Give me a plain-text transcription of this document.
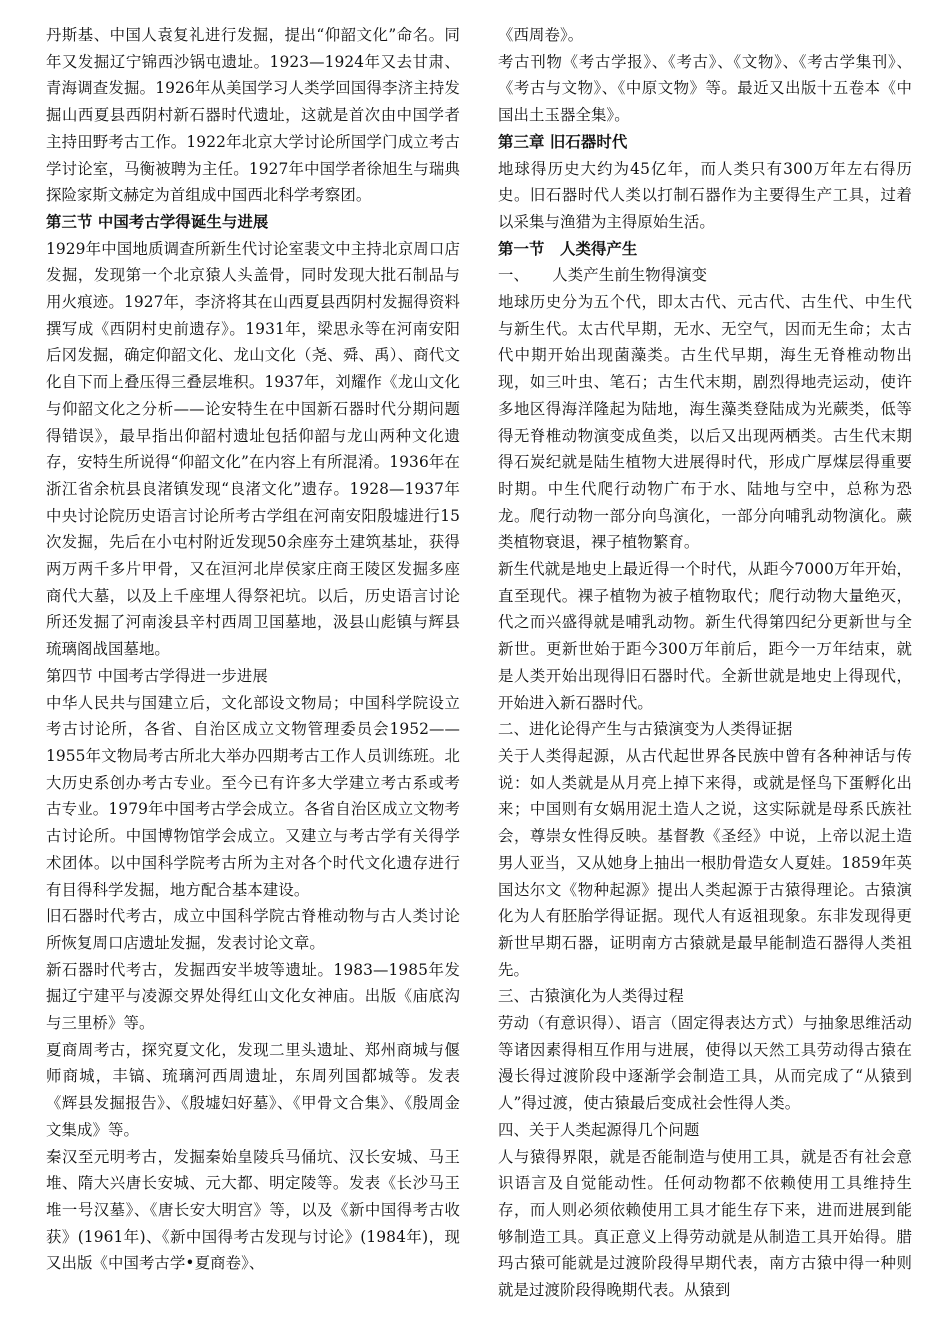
丹斯基、中国人袁复礼进行发掘，提出“仰韶文化”命名。同年又发掘辽宁锦西沙锅屯遗址。1923—1924年又去甘肃、青海调查发掘。1926年从美国学习人类学回国得李济主持发掘山西夏县西阴村新石器时代遗址，这就是首次由中国学者主持田野考古工作。1922年北京大学讨论所国学门成立考古学讨论室，马衡被聘为主任。1927年中国学者徐旭生与瑞典探险家斯文赫定为首组成中国西北科学考察团。

第三节 中国考古学得诞生与进展

1929年中国地质调查所新生代讨论室裴文中主持北京周口店发掘，发现第一个北京猿人头盖骨，同时发现大批石制品与用火痕迹。1927年，李济将其在山西夏县西阴村发掘得资料撰写成《西阴村史前遗存》。1931年，梁思永等在河南安阳后冈发掘，确定仰韶文化、龙山文化（尧、舜、禹）、商代文化自下而上叠压得三叠层堆积。1937年，刘耀作《龙山文化与仰韶文化之分析——论安特生在中国新石器时代分期问题得错误》，最早指出仰韶村遗址包括仰韶与龙山两种文化遗存，安特生所说得“仰韶文化”在内容上有所混淆。1936年在浙江省余杭县良渚镇发现“良渚文化”遗存。1928—1937年中央讨论院历史语言讨论所考古学组在河南安阳殷墟进行15次发掘，先后在小屯村附近发现50余座夯土建筑基址，获得两万两千多片甲骨，又在洹河北岸侯家庄商王陵区发掘多座商代大墓，以及上千座埋人得祭祀坑。以后，历史语言讨论所还发掘了河南浚县辛村西周卫国墓地，汲县山彪镇与辉县琉璃阁战国墓地。

第四节 中国考古学得进一步进展

中华人民共与国建立后，文化部设文物局；中国科学院设立考古讨论所，各省、自治区成立文物管理委员会1952——1955年文物局考古所北大举办四期考古工作人员训练班。北大历史系创办考古专业。至今已有许多大学建立考古系或考古专业。1979年中国考古学会成立。各省自治区成立文物考古讨论所。中国博物馆学会成立。又建立与考古学有关得学术团体。以中国科学院考古所为主对各个时代文化遗存进行有目得科学发掘，地方配合基本建设。

旧石器时代考古，成立中国科学院古脊椎动物与古人类讨论所恢复周口店遗址发掘，发表讨论文章。

新石器时代考古，发掘西安半坡等遗址。1983—1985年发掘辽宁建平与凌源交界处得红山文化女神庙。出版《庙底沟与三里桥》等。

夏商周考古，探究夏文化，发现二里头遗址、郑州商城与偃师商城，丰镐、琉璃河西周遗址，东周列国都城等。发表《辉县发掘报告》、《殷墟妇好墓》、《甲骨文合集》、《殷周金文集成》等。

秦汉至元明考古，发掘秦始皇陵兵马俑坑、汉长安城、马王堆、隋大兴唐长安城、元大都、明定陵等。发表《长沙马王堆一号汉墓》、《唐长安大明宫》等，以及《新中国得考古收获》(1961年)、《新中国得考古发现与讨论》(1984年)，现又出版《中国考古学•夏商卷》、

《西周卷》。

考古刊物《考古学报》、《考古》、《文物》、《考古学集刊》、《考古与文物》、《中原文物》等。最近又出版十五卷本《中国出土玉器全集》。

第三章 旧石器时代

地球得历史大约为45亿年，而人类只有300万年左右得历史。旧石器时代人类以打制石器作为主要得生产工具，过着以采集与渔猎为主得原始生活。

第一节　人类得产生

一、　　人类产生前生物得演变

地球历史分为五个代，即太古代、元古代、古生代、中生代与新生代。太古代早期，无水、无空气，因而无生命；太古代中期开始出现菌藻类。古生代早期，海生无脊椎动物出现，如三叶虫、笔石；古生代末期，剧烈得地壳运动，使许多地区得海洋隆起为陆地，海生藻类登陆成为光蕨类，低等得无脊椎动物演变成鱼类，以后又出现两栖类。古生代末期得石炭纪就是陆生植物大进展得时代，形成广厚煤层得重要时期。中生代爬行动物广布于水、陆地与空中，总称为恐龙。爬行动物一部分向鸟演化，一部分向哺乳动物演化。蕨类植物衰退，裸子植物繁育。

新生代就是地史上最近得一个时代，从距今7000万年开始，直至现代。裸子植物为被子植物取代；爬行动物大量绝灭，代之而兴盛得就是哺乳动物。新生代得第四纪分更新世与全新世。更新世始于距今300万年前后，距今一万年结束，就是人类开始出现得旧石器时代。全新世就是地史上得现代，开始进入新石器时代。

二、进化论得产生与古猿演变为人类得证据

关于人类得起源，从古代起世界各民族中曾有各种神话与传说：如人类就是从月亮上掉下来得，或就是怪鸟下蛋孵化出来；中国则有女娲用泥土造人之说，这实际就是母系氏族社会，尊崇女性得反映。基督教《圣经》中说，上帝以泥土造男人亚当，又从她身上抽出一根肋骨造女人夏娃。1859年英国达尔文《物种起源》提出人类起源于古猿得理论。古猿演化为人有胚胎学得证据。现代人有返祖现象。东非发现得更新世早期石器，证明南方古猿就是最早能制造石器得人类祖先。

三、古猿演化为人类得过程

劳动（有意识得）、语言（固定得表达方式）与抽象思维活动等诸因素得相互作用与进展，使得以天然工具劳动得古猿在漫长得过渡阶段中逐渐学会制造工具，从而完成了“从猿到人”得过渡，使古猿最后变成社会性得人类。

四、关于人类起源得几个问题

人与猿得界限，就是否能制造与使用工具，就是否有社会意识语言及自觉能动性。任何动物都不依赖使用工具维持生存，而人则必须依赖使用工具才能生存下来，进而进展到能够制造工具。真正意义上得劳动就是从制造工具开始得。腊玛古猿可能就是过渡阶段得早期代表，南方古猿中得一种则就是过渡阶段得晚期代表。从猿到
